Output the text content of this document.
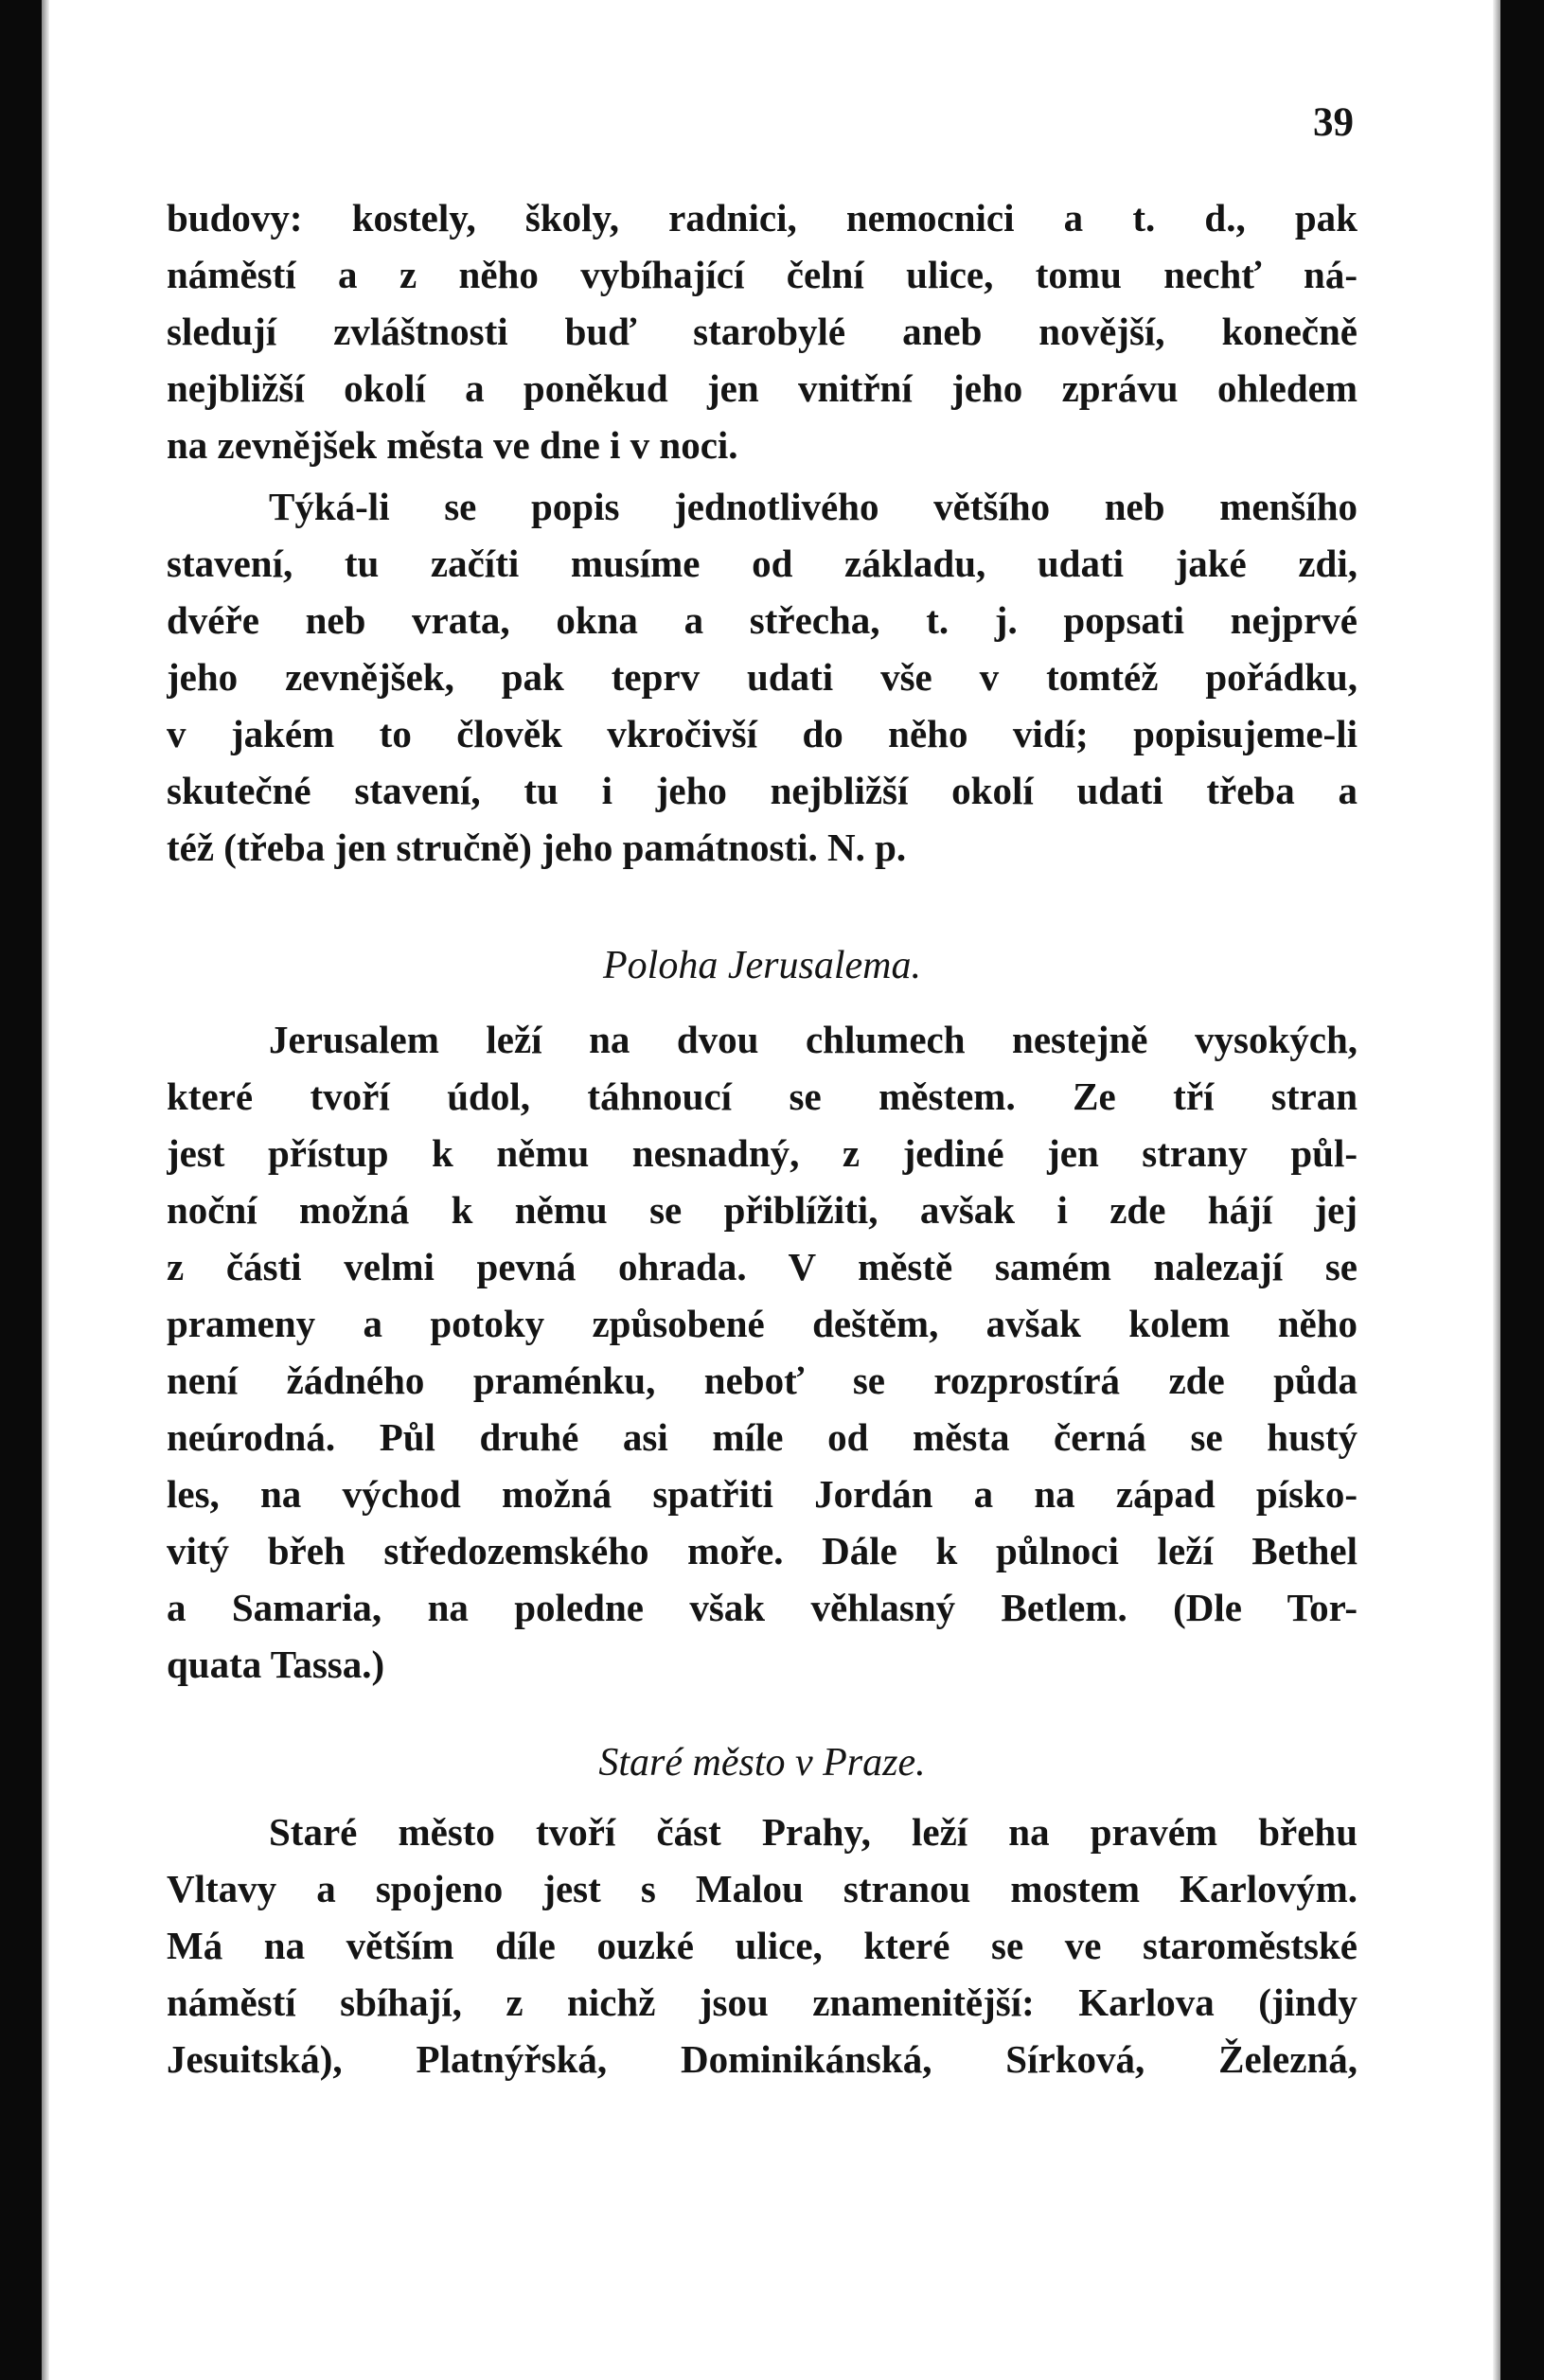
39
budovy: kostely, školy, radnici, nemocnici a t. d., pak
náměstí a z něho vybíhající čelní ulice, tomu nechť ná-
sledují zvláštnosti buď starobylé aneb novější, konečně
nejbližší okolí a poněkud jen vnitřní jeho zprávu ohledem
na zevnějšek města ve dne i v noci.
Týká-li se popis jednotlivého většího neb menšího
stavení, tu začíti musíme od základu, udati jaké zdi,
dvéře neb vrata, okna a střecha, t. j. popsati nejprvé
jeho zevnějšek, pak teprv udati vše v tomtéž pořádku,
v jakém to člověk vkročivší do něho vidí; popisujeme-li
skutečné stavení, tu i jeho nejbližší okolí udati třeba a
též (třeba jen stručně) jeho památnosti. N. p.
Poloha Jerusalema.
Jerusalem leží na dvou chlumech nestejně vysokých,
které tvoří údol, táhnoucí se městem. Ze tří stran
jest přístup k němu nesnadný, z jediné jen strany půl-
noční možná k němu se přiblížiti, avšak i zde hájí jej
z části velmi pevná ohrada. V městě samém nalezají se
prameny a potoky způsobené deštěm, avšak kolem něho
není žádného praménku, neboť se rozprostírá zde půda
neúrodná. Půl druhé asi míle od města černá se hustý
les, na východ možná spatřiti Jordán a na západ písko-
vitý břeh středozemského moře. Dále k půlnoci leží Bethel
a Samaria, na poledne však věhlasný Betlem. (Dle Tor-
quata Tassa.)
Staré město v Praze.
Staré město tvoří část Prahy, leží na pravém břehu
Vltavy a spojeno jest s Malou stranou mostem Karlovým.
Má na větším díle ouzké ulice, které se ve staroměstské
náměstí sbíhají, z nichž jsou znamenitější: Karlova (jindy
Jesuitská), Platnýřská, Dominikánská, Sírková, Železná,
